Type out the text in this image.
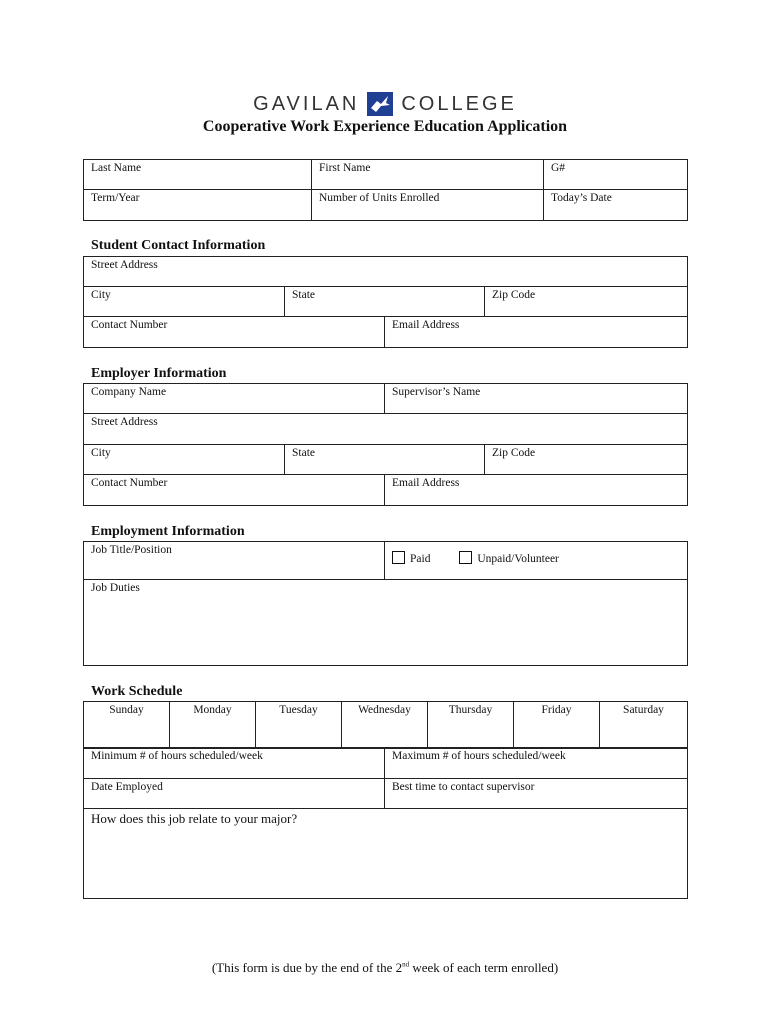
GAVILAN COLLEGE
Cooperative Work Experience Education Application
Last Name	First Name	G#
Term/Year	Number of Units Enrolled	Today’s Date
Student Contact Information
Street Address			
City	State		Zip Code
Contact Number		Email Address	
Employer Information
Company Name		Supervisor’s Name	
Street Address			
City	State		Zip Code
Contact Number		Email Address	
Employment Information
Job Title/Position	Paid	Unpaid/Volunteer
Job Duties
Work Schedule
Sunday	Monday	Tuesday	Wednesday	Thursday	Friday	Saturday
Minimum # of hours scheduled/week	Maximum # of hours scheduled/week
Date Employed	Best time to contact supervisor
How does this job relate to your major?	
(This form is due by the end of the 2nd week of each term enrolled)
